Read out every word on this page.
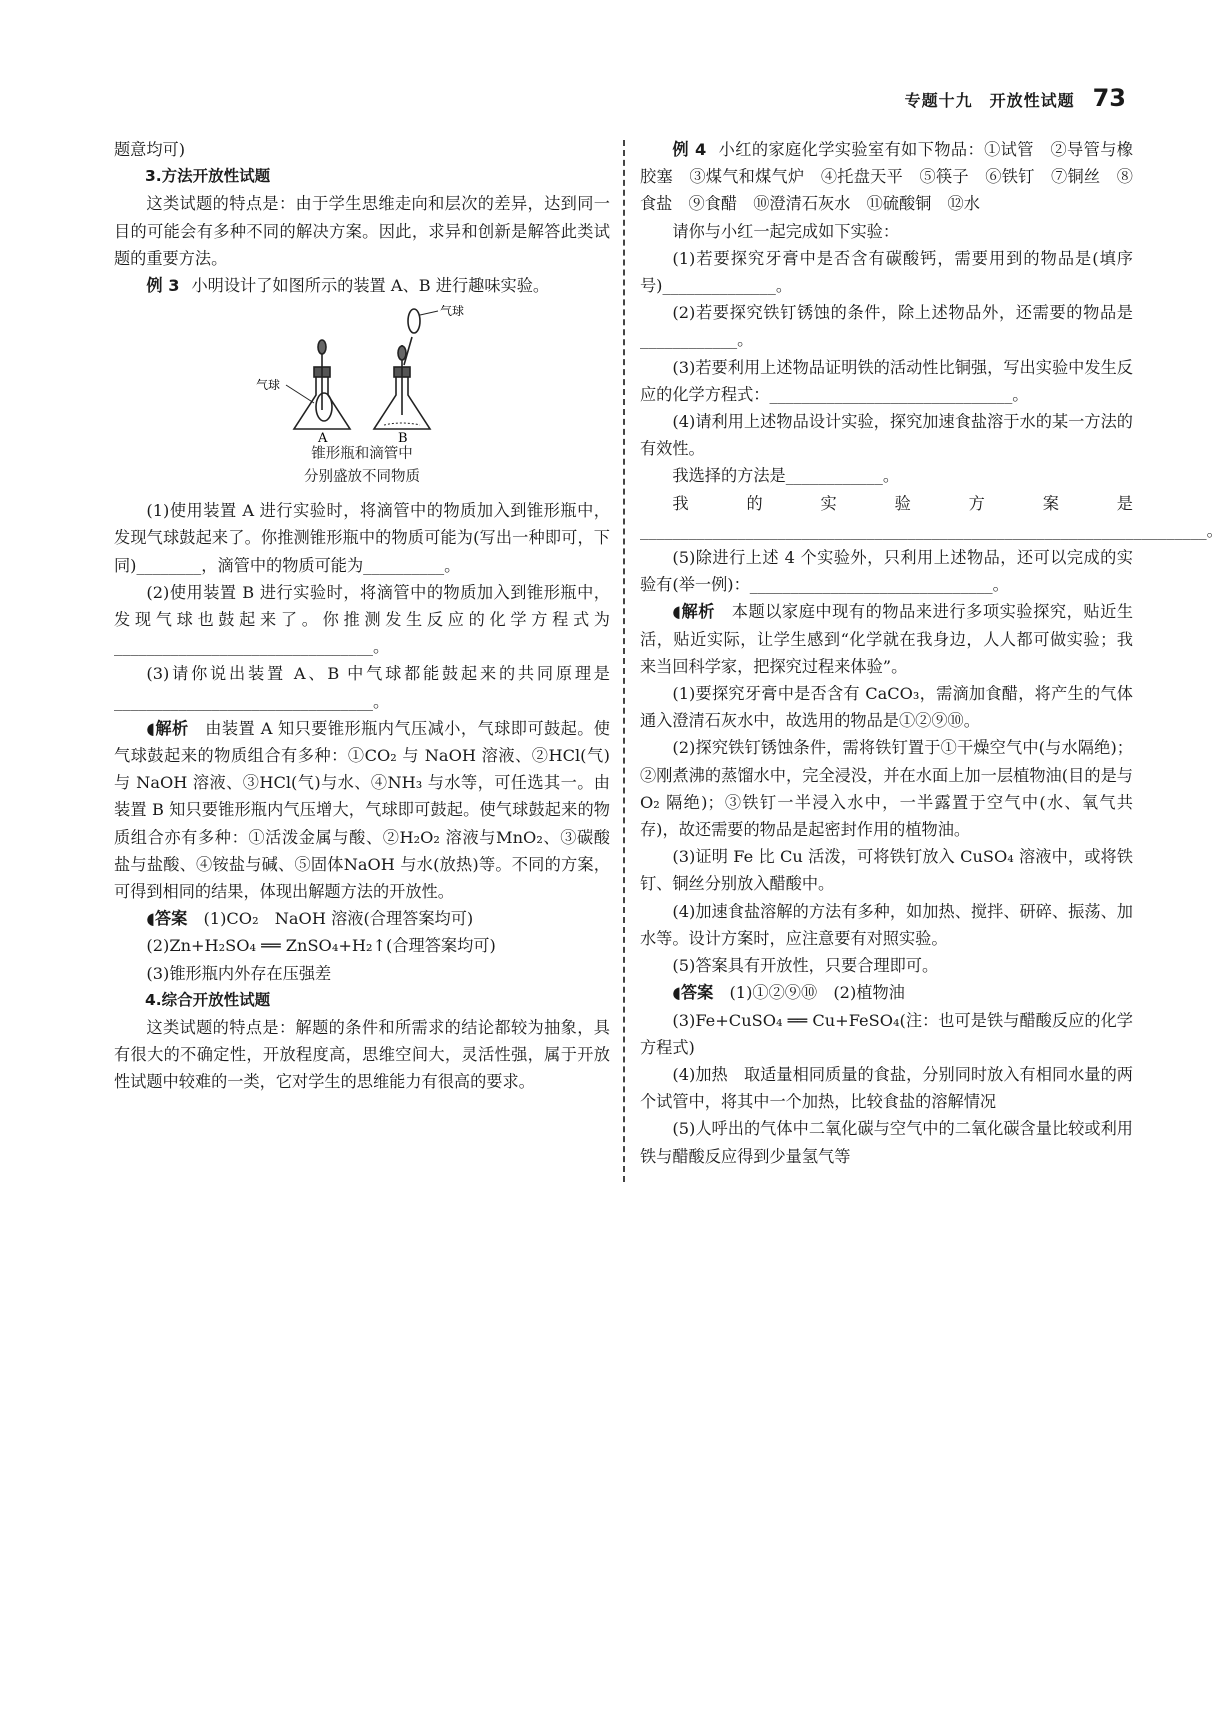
专题十九　开放性试题 73

题意均可)

3.方法开放性试题

这类试题的特点是：由于学生思维走向和层次的差异，达到同一目的可能会有多种不同的解决方案。因此，求异和创新是解答此类试题的重要方法。

例 3 小明设计了如图所示的装置 A、B 进行趣味实验。

气球
气球
A	B
锥形瓶和滴管中
分别盛放不同物质

(1)使用装置 A 进行实验时，将滴管中的物质加入到锥形瓶中，发现气球鼓起来了。你推测锥形瓶中的物质可能为(写出一种即可，下同)________，滴管中的物质可能为__________。

(2)使用装置 B 进行实验时，将滴管中的物质加入到锥形瓶中，发现气球也鼓起来了。你推测发生反应的化学方程式为________________________________。

(3)请你说出装置 A、B 中气球都能鼓起来的共同原理是________________________________。

◖解析　 由装置 A 知只要锥形瓶内气压减小，气球即可鼓起。使气球鼓起来的物质组合有多种：①CO₂ 与 NaOH 溶液、②HCl(气)与 NaOH 溶液、③HCl(气)与水、④NH₃ 与水等，可任选其一。由装置 B 知只要锥形瓶内气压增大，气球即可鼓起。使气球鼓起来的物质组合亦有多种：①活泼金属与酸、②H₂O₂ 溶液与MnO₂、③碳酸盐与盐酸、④铵盐与碱、⑤固体NaOH 与水(放热)等。不同的方案，可得到相同的结果，体现出解题方法的开放性。

◖答案　 (1)CO₂　NaOH 溶液(合理答案均可)

(2)Zn+H₂SO₄ ══ ZnSO₄+H₂↑(合理答案均可)

(3)锥形瓶内外存在压强差

4.综合开放性试题

这类试题的特点是：解题的条件和所需求的结论都较为抽象，具有很大的不确定性，开放程度高，思维空间大，灵活性强，属于开放性试题中较难的一类，它对学生的思维能力有很高的要求。

例 4 小红的家庭化学实验室有如下物品：①试管　②导管与橡胶塞　③煤气和煤气炉　④托盘天平　⑤筷子　⑥铁钉　⑦铜丝　⑧食盐　⑨食醋　⑩澄清石灰水　⑪硫酸铜　⑫水

请你与小红一起完成如下实验：

(1)若要探究牙膏中是否含有碳酸钙，需要用到的物品是(填序号)______________。

(2)若要探究铁钉锈蚀的条件，除上述物品外，还需要的物品是____________。

(3)若要利用上述物品证明铁的活动性比铜强，写出实验中发生反应的化学方程式：______________________________。

(4)请利用上述物品设计实验，探究加速食盐溶于水的某一方法的有效性。

我选择的方法是____________。

我的实验方案是______________________________________________________________________。

(5)除进行上述 4 个实验外，只利用上述物品，还可以完成的实验有(举一例)：______________________________。

◖解析　 本题以家庭中现有的物品来进行多项实验探究，贴近生活，贴近实际，让学生感到“化学就在我身边，人人都可做实验；我来当回科学家，把探究过程来体验”。

(1)要探究牙膏中是否含有 CaCO₃，需滴加食醋，将产生的气体通入澄清石灰水中，故选用的物品是①②⑨⑩。

(2)探究铁钉锈蚀条件，需将铁钉置于①干燥空气中(与水隔绝)；②刚煮沸的蒸馏水中，完全浸没，并在水面上加一层植物油(目的是与 O₂ 隔绝)；③铁钉一半浸入水中，一半露置于空气中(水、氧气共存)，故还需要的物品是起密封作用的植物油。

(3)证明 Fe 比 Cu 活泼，可将铁钉放入 CuSO₄ 溶液中，或将铁钉、铜丝分别放入醋酸中。

(4)加速食盐溶解的方法有多种，如加热、搅拌、研碎、振荡、加水等。设计方案时，应注意要有对照实验。

(5)答案具有开放性，只要合理即可。

◖答案　 (1)①②⑨⑩　(2)植物油

(3)Fe+CuSO₄ ══ Cu+FeSO₄(注：也可是铁与醋酸反应的化学方程式)

(4)加热　取适量相同质量的食盐，分别同时放入有相同水量的两个试管中，将其中一个加热，比较食盐的溶解情况

(5)人呼出的气体中二氧化碳与空气中的二氧化碳含量比较或利用铁与醋酸反应得到少量氢气等
